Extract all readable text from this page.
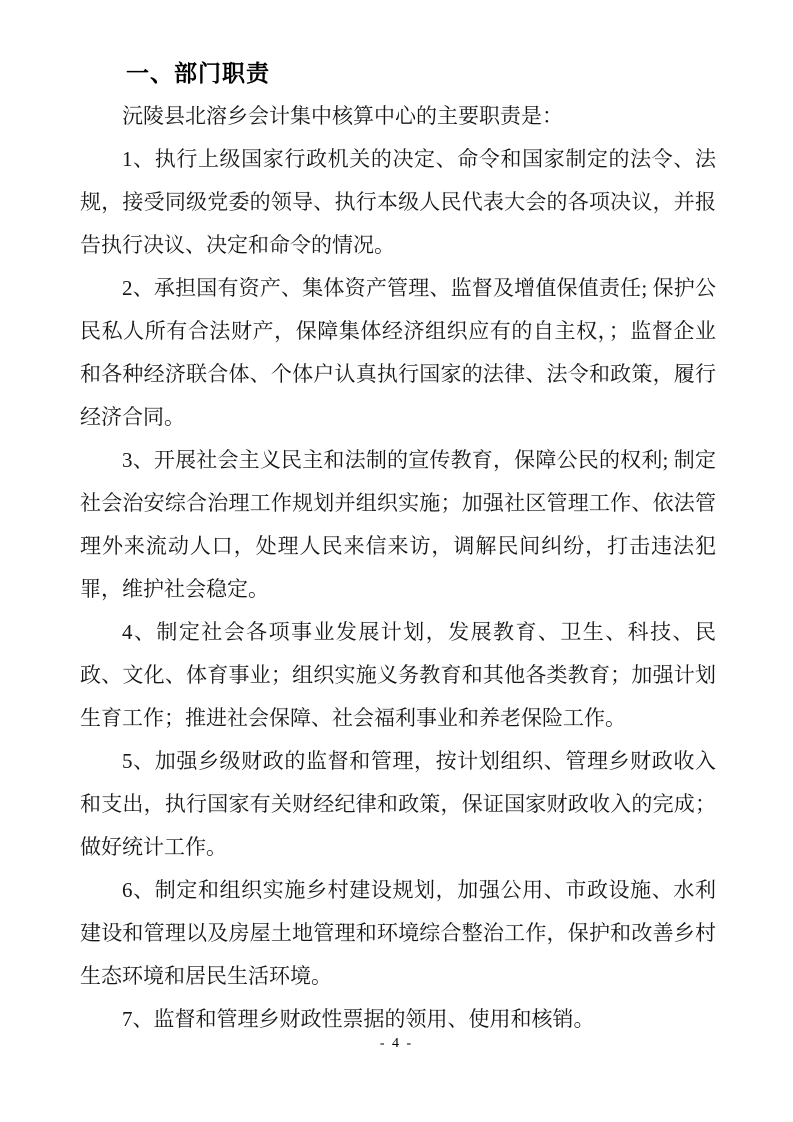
一、部门职责

沅陵县北溶乡会计集中核算中心的主要职责是：

1、执行上级国家行政机关的决定、命令和国家制定的法令、法规，接受同级党委的领导、执行本级人民代表大会的各项决议，并报告执行决议、决定和命令的情况。

2、承担国有资产、集体资产管理、监督及增值保值责任; 保护公民私人所有合法财产，保障集体经济组织应有的自主权，；监督企业和各种经济联合体、个体户认真执行国家的法律、法令和政策，履行经济合同。

3、开展社会主义民主和法制的宣传教育，保障公民的权利; 制定社会治安综合治理工作规划并组织实施；加强社区管理工作、依法管理外来流动人口，处理人民来信来访，调解民间纠纷，打击违法犯罪，维护社会稳定。

4、制定社会各项事业发展计划，发展教育、卫生、科技、民政、文化、体育事业；组织实施义务教育和其他各类教育；加强计划生育工作；推进社会保障、社会福利事业和养老保险工作。

5、加强乡级财政的监督和管理，按计划组织、管理乡财政收入和支出，执行国家有关财经纪律和政策，保证国家财政收入的完成；做好统计工作。

6、制定和组织实施乡村建设规划，加强公用、市政设施、水利建设和管理以及房屋土地管理和环境综合整治工作，保护和改善乡村生态环境和居民生活环境。

7、监督和管理乡财政性票据的领用、使用和核销。

- 4 -
